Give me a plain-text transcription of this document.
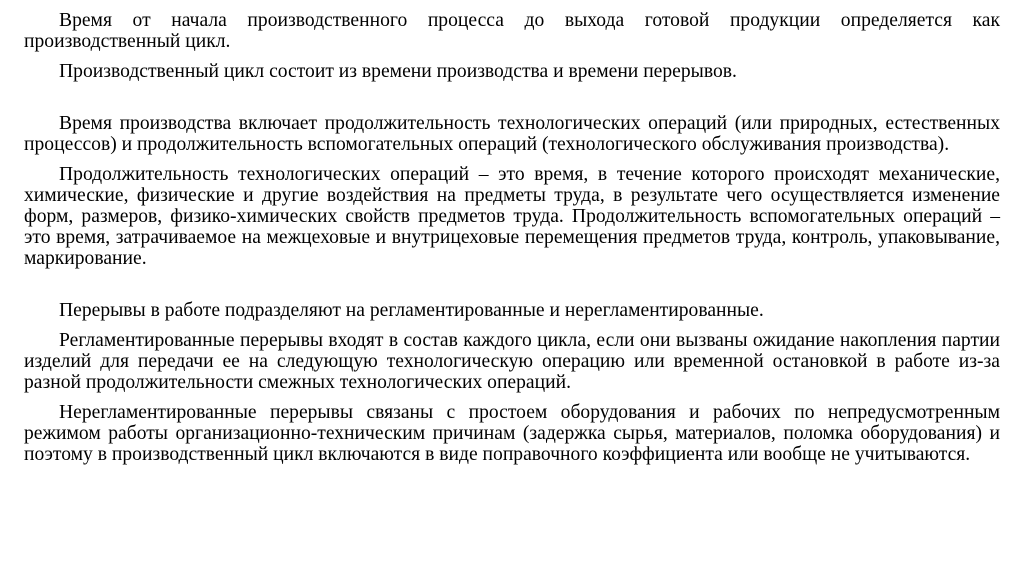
Время от начала производственного процесса до выхода готовой продукции определяется как производственный цикл.

Производственный цикл состоит из времени производства и времени перерывов.

Время производства включает продолжительность технологических операций (или природных, естественных процессов) и продолжительность вспомогательных операций (технологического обслуживания производства).

Продолжительность технологических операций – это время, в течение которого происходят механические, химические, физические и другие воздействия на предметы труда, в результате чего осуществляется изменение форм, размеров, физико-химических свойств предметов труда. Продолжительность вспомогательных операций – это время, затрачиваемое на межцеховые и внутрицеховые перемещения предметов труда, контроль, упаковывание, маркирование.

Перерывы в работе подразделяют на регламентированные и нерегламентированные.

Регламентированные перерывы входят в состав каждого цикла, если они вызваны ожидание накопления партии изделий для передачи ее на следующую технологическую операцию или временной остановкой в работе из-за разной продолжительности смежных технологических операций.

Нерегламентированные перерывы связаны с простоем оборудования и рабочих по непредусмотренным режимом работы организационно-техническим причинам (задержка сырья, материалов, поломка оборудования) и поэтому в производственный цикл включаются в виде поправочного коэффициента или вообще не учитываются.
